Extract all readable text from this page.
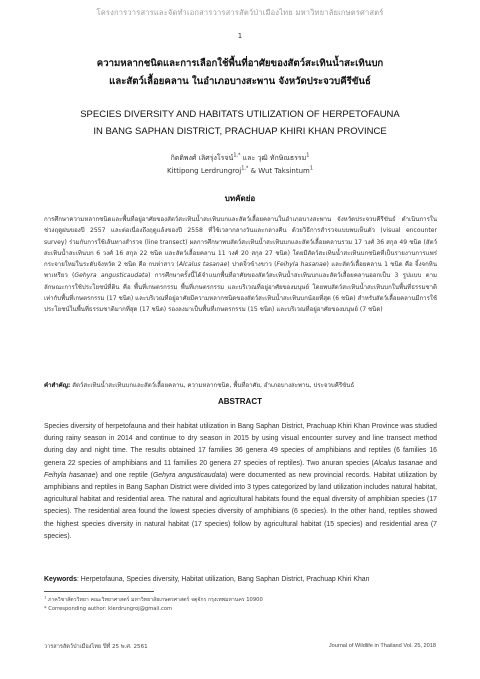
โครงการวารสารและจัดทำเอกสารวารสารสัตว์ป่าเมืองไทย มหาวิทยาลัยเกษตรศาสตร์
1
ความหลากชนิดและการเลือกใช้พื้นที่อาศัยของสัตว์สะเทินน้ำสะเทินบก
และสัตว์เลื้อยคลาน ในอำเภอบางสะพาน จังหวัดประจวบคีรีขันธ์
SPECIES DIVERSITY AND HABITATS UTILIZATION OF HERPETOFAUNA
IN BANG SAPHAN DISTRICT, PRACHUAP KHIRI KHAN PROVINCE
กิตติพงศ์ เลิศรุ่งโรจน์$^{1,*}$ และ วุฒิ ทักษิณธรรม$^1$
Kittipong Lerdrungroj$^{1,*}$ & Wut Taksintum$^1$
บทคัดย่อ

การศึกษาความหลากชนิดและพื้นที่อยู่อาศัยของสัตว์สะเทินน้ำสะเทินบกและสัตว์เลื้อยคลานในอำเภอบางสะพาน จังหวัดประจวบคีรีขันธ์ ดำเนินการในช่วงฤดูฝนของปี 2557 และต่อเนื่องถึงฤดูแล้งของปี 2558 ที่ใช้เวลากลางวันและกลางคืน ด้วยวิธีการสำรวจแบบพบเห็นตัว (visual encounter survey) ร่วมกับการใช้เส้นทางสำรวจ (line transect) ผลการศึกษาพบสัตว์สะเทินน้ำสะเทินบกและสัตว์เลื้อยคลานรวม 17 วงศ์ 36 สกุล 49 ชนิด (สัตว์สะเทินน้ำสะเทินบก 6 วงศ์ 16 สกุล 22 ชนิด และสัตว์เลื้อยคลาน 11 วงศ์ 20 สกุล 27 ชนิด) โดยมีสัตว์สะเทินน้ำสะเทินบกชนิดที่เป็นรายงานการแพร่กระจายใหม่ในระดับจังหวัด 2 ชนิด คือ กบห่าสาว (Alcalus tasanae) ปาดจิ๋วข้างขาว (Feihyla hasanae) และสัตว์เลื้อยคลาน 1 ชนิด คือ จิ้งจกหินพาเหรียว (Gehyra angusticaudata) การศึกษาครั้งนี้ได้จำแนกพื้นที่อาศัยของสัตว์สะเทินน้ำสะเทินบกและสัตว์เลื้อยคลานออกเป็น 3 รูปแบบ ตามลักษณะการใช้ประโยชน์ที่ดิน คือ พื้นที่เกษตรกรรม พื้นที่เกษตรกรรม และบริเวณที่อยู่อาศัยของมนุษย์ โดยพบสัตว์สะเทินน้ำสะเทินบกในพื้นที่ธรรมชาติเท่ากับพื้นที่เกษตรกรรม (17 ชนิด) และบริเวณที่อยู่อาศัยมีความหลากชนิดของสัตว์สะเทินน้ำสะเทินบกน้อยที่สุด (6 ชนิด) สำหรับสัตว์เลื้อยคลานมีการใช้ประโยชน์ในพื้นที่ธรรมชาติมากที่สุด (17 ชนิด) รองลงมาเป็นพื้นที่เกษตรกรรม (15 ชนิด) และบริเวณที่อยู่อาศัยของมนุษย์ (7 ชนิด)

คำสำคัญ: สัตว์สะเทินน้ำสะเทินบกและสัตว์เลื้อยคลาน, ความหลากชนิด, พื้นที่อาศัย, อำเภอบางสะพาน, ประจวบคีรีขันธ์
ABSTRACT
Species diversity of herpetofauna and their habitat utilization in Bang Saphan District, Prachuap Khiri Khan Province was studied during rainy season in 2014 and continue to dry season in 2015 by using visual encounter survey and line transect method during day and night time. The results obtained 17 families 36 genera 49 species of amphibians and reptiles (6 families 16 genera 22 species of amphibians and 11 families 20 genera 27 species of reptiles). Two anuran species (Alcalus tasanae and Feihyla hasanae) and one reptile (Gehyra angusticaudata) were documented as new provincial records. Habitat utilization by amphibians and reptiles in Bang Saphan District were divided into 3 types categorized by land utilization includes natural habitat, agricultural habitat and residential area. The natural and agricultural habitats found the equal diversity of amphibian species (17 species). The residential area found the lowest species diversity of amphibians (6 species). In the other hand, reptiles showed the highest species diversity in natural habitat (17 species) follow by agricultural habitat (15 species) and residential area (7 species).
Keywords: Herpetofauna, Species diversity, Habitat utilization, Bang Saphan District, Prachuap Khiri Khan
$^1$ ภาควิชาสัตววิทยา คณะวิทยาศาสตร์ มหาวิทยาลัยเกษตรศาสตร์ จตุจักร กรุงเทพมหานคร 10900
* Corresponding author: klerdrungroj@gmail.com
วารสารสัตว์ป่าเมืองไทย ปีที่ 25 พ.ศ. 2561	Journal of Wildlife in Thailand Vol. 25, 2018
